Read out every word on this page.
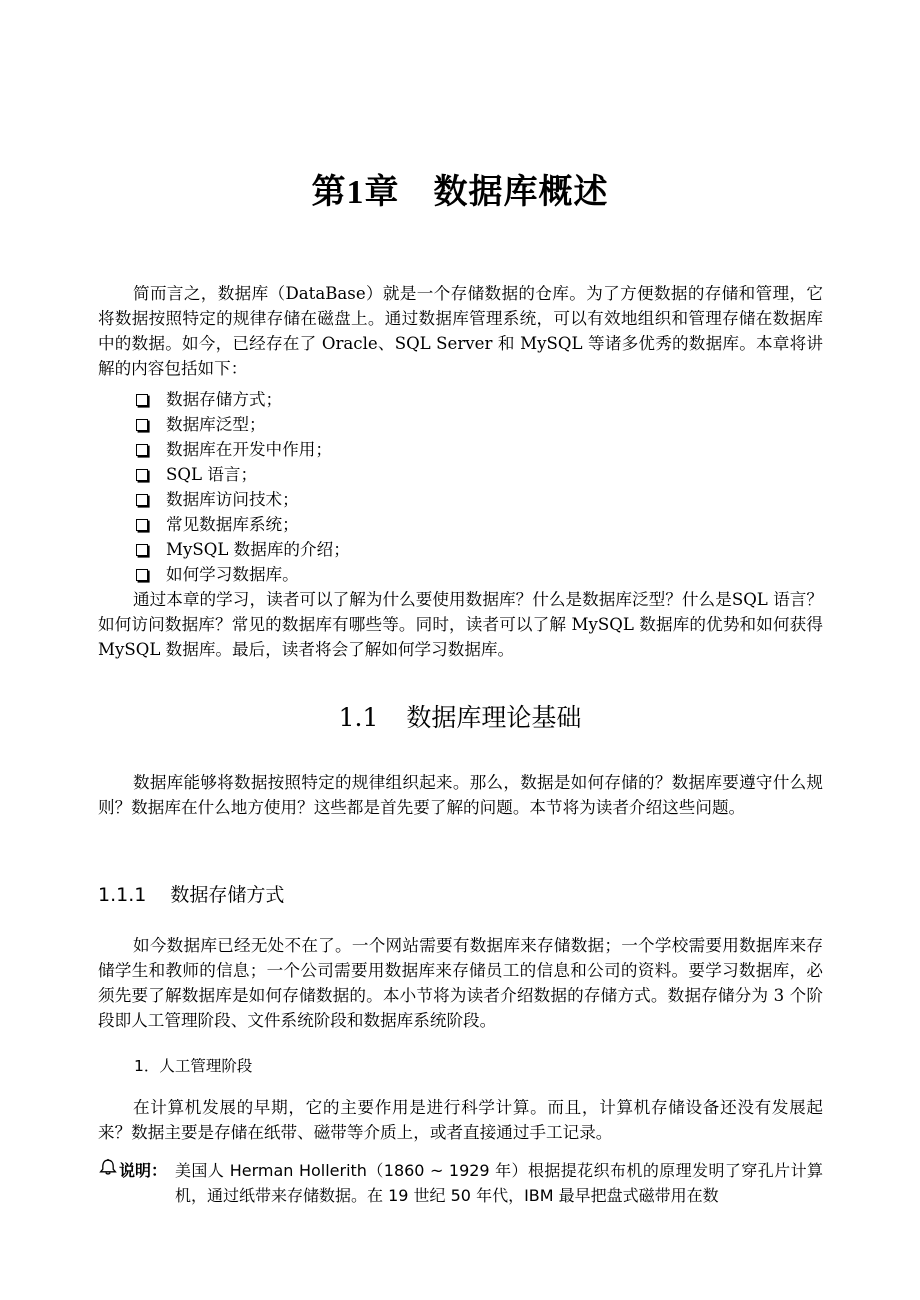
第1章 数据库概述

简而言之，数据库（DataBase）就是一个存储数据的仓库。为了方便数据的存储和管理，它将数据按照特定的规律存储在磁盘上。通过数据库管理系统，可以有效地组织和管理存储在数据库中的数据。如今，已经存在了 Oracle、SQL Server 和 MySQL 等诸多优秀的数据库。本章将讲解的内容包括如下：

数据存储方式；
数据库泛型；
数据库在开发中作用；
SQL 语言；
数据库访问技术；
常见数据库系统；
MySQL 数据库的介绍；
如何学习数据库。

通过本章的学习，读者可以了解为什么要使用数据库？什么是数据库泛型？什么是SQL 语言？如何访问数据库？常见的数据库有哪些等。同时，读者可以了解 MySQL 数据库的优势和如何获得 MySQL 数据库。最后，读者将会了解如何学习数据库。

1.1 数据库理论基础

数据库能够将数据按照特定的规律组织起来。那么，数据是如何存储的？数据库要遵守什么规则？数据库在什么地方使用？这些都是首先要了解的问题。本节将为读者介绍这些问题。

1.1.1 数据存储方式

如今数据库已经无处不在了。一个网站需要有数据库来存储数据；一个学校需要用数据库来存储学生和教师的信息；一个公司需要用数据库来存储员工的信息和公司的资料。要学习数据库，必须先要了解数据库是如何存储数据的。本小节将为读者介绍数据的存储方式。数据存储分为 3 个阶段即人工管理阶段、文件系统阶段和数据库系统阶段。

1．人工管理阶段

在计算机发展的早期，它的主要作用是进行科学计算。而且，计算机存储设备还没有发展起来？数据主要是存储在纸带、磁带等介质上，或者直接通过手工记录。

说明： 美国人 Herman Hollerith（1860 ~ 1929 年）根据提花织布机的原理发明了穿孔片计算机，通过纸带来存储数据。在 19 世纪 50 年代，IBM 最早把盘式磁带用在数
